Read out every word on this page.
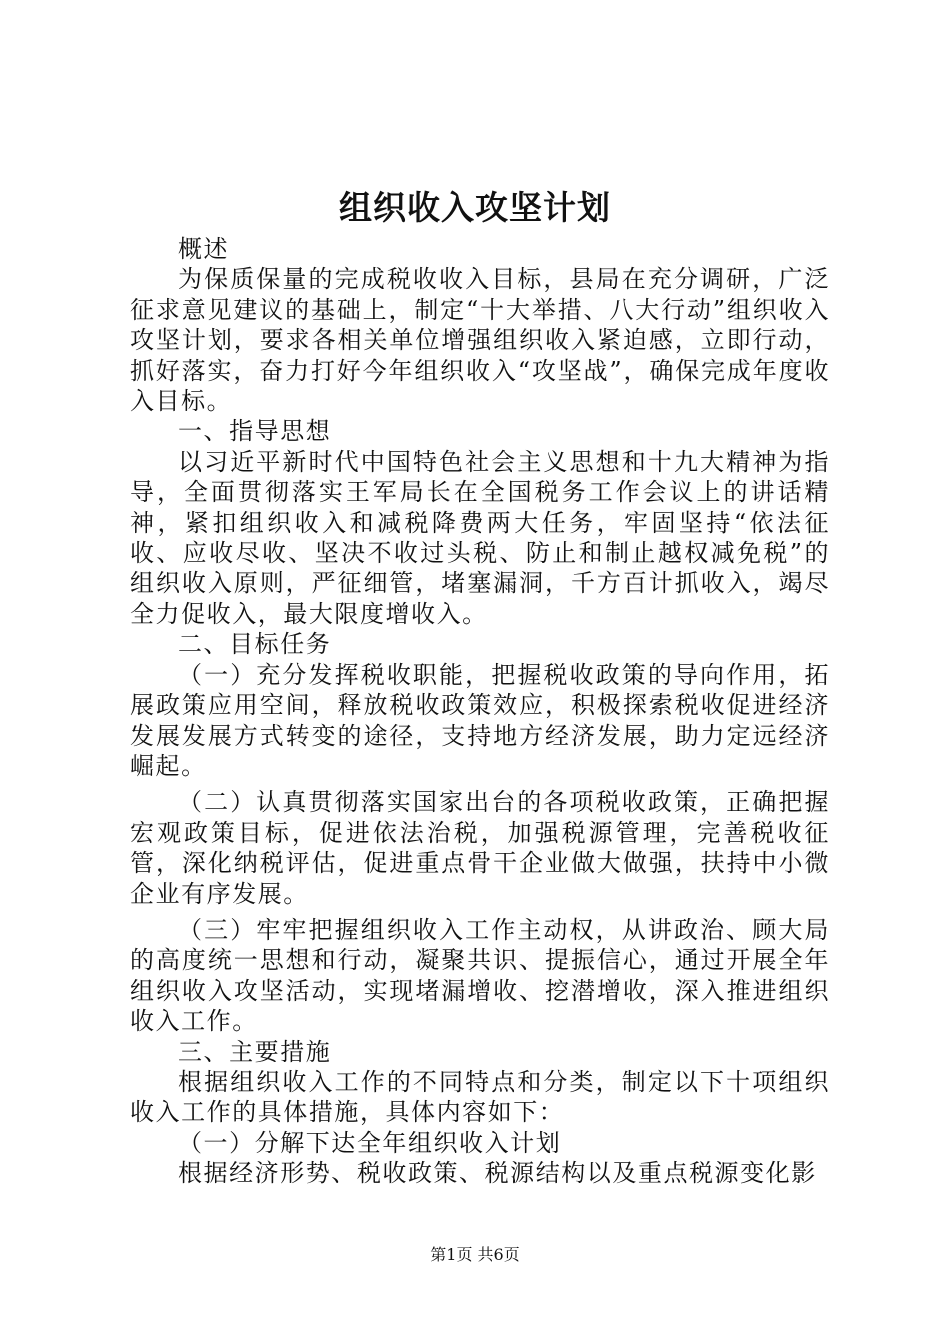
组织收入攻坚计划

概述

为保质保量的完成税收收入目标，县局在充分调研，广泛征求意见建议的基础上，制定“十大举措、八大行动”组织收入攻坚计划，要求各相关单位增强组织收入紧迫感，立即行动，抓好落实，奋力打好今年组织收入“攻坚战”，确保完成年度收入目标。

一、指导思想

以习近平新时代中国特色社会主义思想和十九大精神为指导，全面贯彻落实王军局长在全国税务工作会议上的讲话精神，紧扣组织收入和减税降费两大任务，牢固坚持“依法征收、应收尽收、坚决不收过头税、防止和制止越权减免税”的组织收入原则，严征细管，堵塞漏洞，千方百计抓收入，竭尽全力促收入，最大限度增收入。

二、目标任务

（一）充分发挥税收职能，把握税收政策的导向作用，拓展政策应用空间，释放税收政策效应，积极探索税收促进经济发展发展方式转变的途径，支持地方经济发展，助力定远经济崛起。

（二）认真贯彻落实国家出台的各项税收政策，正确把握宏观政策目标，促进依法治税，加强税源管理，完善税收征管，深化纳税评估，促进重点骨干企业做大做强，扶持中小微企业有序发展。

（三）牢牢把握组织收入工作主动权，从讲政治、顾大局的高度统一思想和行动，凝聚共识、提振信心，通过开展全年组织收入攻坚活动，实现堵漏增收、挖潜增收，深入推进组织收入工作。

三、主要措施

根据组织收入工作的不同特点和分类，制定以下十项组织收入工作的具体措施，具体内容如下：

（一）分解下达全年组织收入计划

根据经济形势、税收政策、税源结构以及重点税源变化影

第1页 共6页
